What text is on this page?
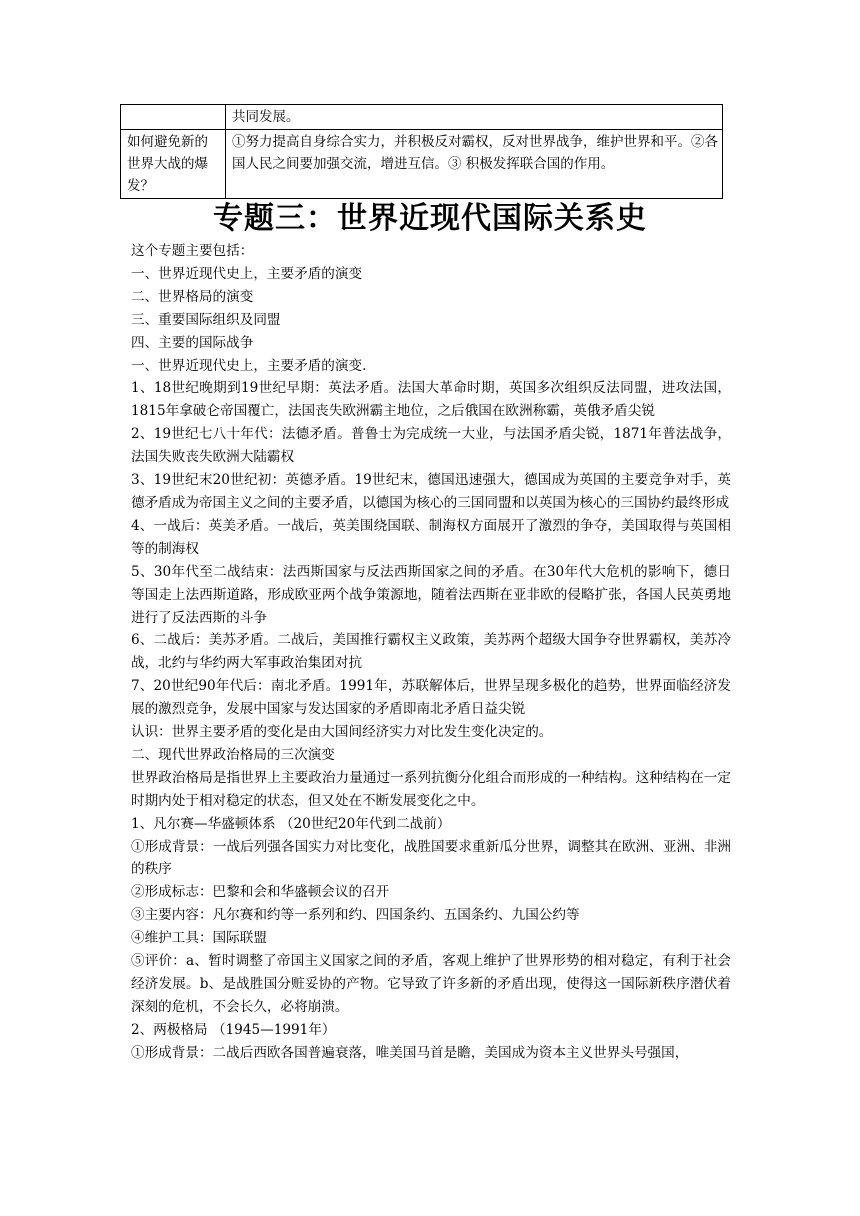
	共同发展。
如何避免新的世界大战的爆发？	①努力提高自身综合实力，并积极反对霸权，反对世界战争，维护世界和平。②各国人民之间要加强交流，增进互信。③ 积极发挥联合国的作用。
专题三：世界近现代国际关系史

这个专题主要包括：

一、世界近现代史上，主要矛盾的演变

二、世界格局的演变

三、重要国际组织及同盟

四、主要的国际战争

一、世界近现代史上，主要矛盾的演变.

1、18世纪晚期到19世纪早期：英法矛盾。法国大革命时期，英国多次组织反法同盟，进攻法国，1815年拿破仑帝国覆亡，法国丧失欧洲霸主地位，之后俄国在欧洲称霸，英俄矛盾尖锐

2、19世纪七八十年代：法德矛盾。普鲁士为完成统一大业，与法国矛盾尖锐，1871年普法战争，法国失败丧失欧洲大陆霸权

3、19世纪末20世纪初：英德矛盾。19世纪末，德国迅速强大，德国成为英国的主要竞争对手，英德矛盾成为帝国主义之间的主要矛盾，以德国为核心的三国同盟和以英国为核心的三国协约最终形成

4、一战后：英美矛盾。一战后，英美围绕国联、制海权方面展开了激烈的争夺，美国取得与英国相等的制海权

5、30年代至二战结束：法西斯国家与反法西斯国家之间的矛盾。在30年代大危机的影响下，德日等国走上法西斯道路，形成欧亚两个战争策源地，随着法西斯在亚非欧的侵略扩张，各国人民英勇地进行了反法西斯的斗争

6、二战后：美苏矛盾。二战后，美国推行霸权主义政策，美苏两个超级大国争夺世界霸权，美苏冷战，北约与华约两大军事政治集团对抗

7、20世纪90年代后：南北矛盾。1991年，苏联解体后，世界呈现多极化的趋势，世界面临经济发展的激烈竞争，发展中国家与发达国家的矛盾即南北矛盾日益尖锐

认识：世界主要矛盾的变化是由大国间经济实力对比发生变化决定的。

二、现代世界政治格局的三次演变

世界政治格局是指世界上主要政治力量通过一系列抗衡分化组合而形成的一种结构。这种结构在一定时期内处于相对稳定的状态，但又处在不断发展变化之中。

1、凡尔赛—华盛顿体系 （20世纪20年代到二战前）

①形成背景：一战后列强各国实力对比变化，战胜国要求重新瓜分世界，调整其在欧洲、亚洲、非洲的秩序

②形成标志：巴黎和会和华盛顿会议的召开

③主要内容：凡尔赛和约等一系列和约、四国条约、五国条约、九国公约等

④维护工具：国际联盟

⑤评价：a、暂时调整了帝国主义国家之间的矛盾，客观上维护了世界形势的相对稳定，有利于社会经济发展。b、是战胜国分赃妥协的产物。它导致了许多新的矛盾出现，使得这一国际新秩序潜伏着深刻的危机，不会长久，必将崩溃。

2、两极格局 （1945—1991年）

①形成背景：二战后西欧各国普遍衰落，唯美国马首是瞻，美国成为资本主义世界头号强国，
